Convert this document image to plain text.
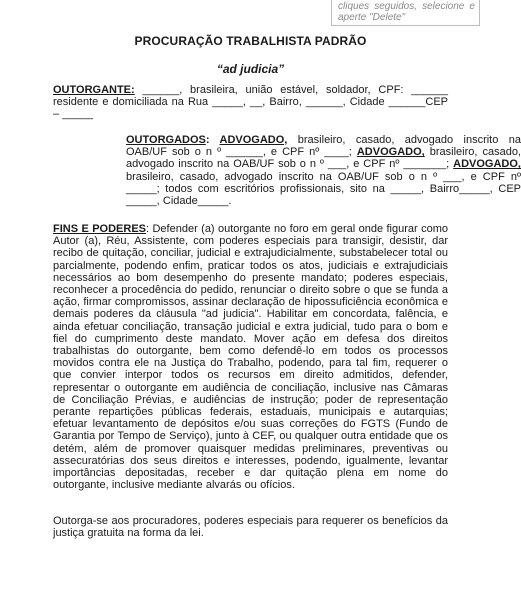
cliques seguidos, selecione e aperte "Delete"
PROCURAÇÃO TRABALHISTA PADRÃO
“ad judicia”
OUTORGANTE: ______, brasileira, união estável, soldador, CPF: ______ residente e domiciliada na Rua _____, __, Bairro, ______, Cidade ______CEP – _____
OUTORGADOS: ADVOGADO, brasileiro, casado, advogado inscrito na OAB/UF sob o n º ______, e CPF nº ____; ADVOGADO, brasileiro, casado, advogado inscrito na OAB/UF sob o n º ___, e CPF nº _______; ADVOGADO, brasileiro, casado, advogado inscrito na OAB/UF sob o n º ___, e CPF nº _____; todos com escritórios profissionais, sito na _____, Bairro_____, CEP _____, Cidade_____.
FINS E PODERES: Defender (a) outorgante no foro em geral onde figurar como Autor (a), Réu, Assistente, com poderes especiais para transigir, desistir, dar recibo de quitação, conciliar, judicial e extrajudicialmente, substabelecer total ou parcialmente, podendo enfim, praticar todos os atos, judiciais e extrajudiciais necessários ao bom desempenho do presente mandato; poderes especiais, reconhecer a procedência do pedido, renunciar o direito sobre o que se funda a ação, firmar compromissos, assinar declaração de hipossuficiência econômica e demais poderes da cláusula "ad judicia". Habilitar em concordata, falência, e ainda efetuar conciliação, transação judicial e extra judicial, tudo para o bom e fiel do cumprimento deste mandato. Mover ação em defesa dos direitos trabalhistas do outorgante, bem como defendê-lo em todos os processos movidos contra ele na Justiça do Trabalho, podendo, para tal fim, requerer o que convier interpor todos os recursos em direito admitidos, defender, representar o outorgante em audiência de conciliação, inclusive nas Câmaras de Conciliação Prévias, e audiências de instrução; poder de representação perante repartições públicas federais, estaduais, municipais e autarquias; efetuar levantamento de depósitos e/ou suas correções do FGTS (Fundo de Garantia por Tempo de Serviço), junto à CEF, ou qualquer outra entidade que os detém, além de promover quaisquer medidas preliminares, preventivas ou assecuratórias dos seus direitos e interesses, podendo, igualmente, levantar importâncias depositadas, receber e dar quitação plena em nome do outorgante, inclusive mediante alvarás ou ofícios.
Outorga-se aos procuradores, poderes especiais para requerer os benefícios da justiça gratuita na forma da lei.
